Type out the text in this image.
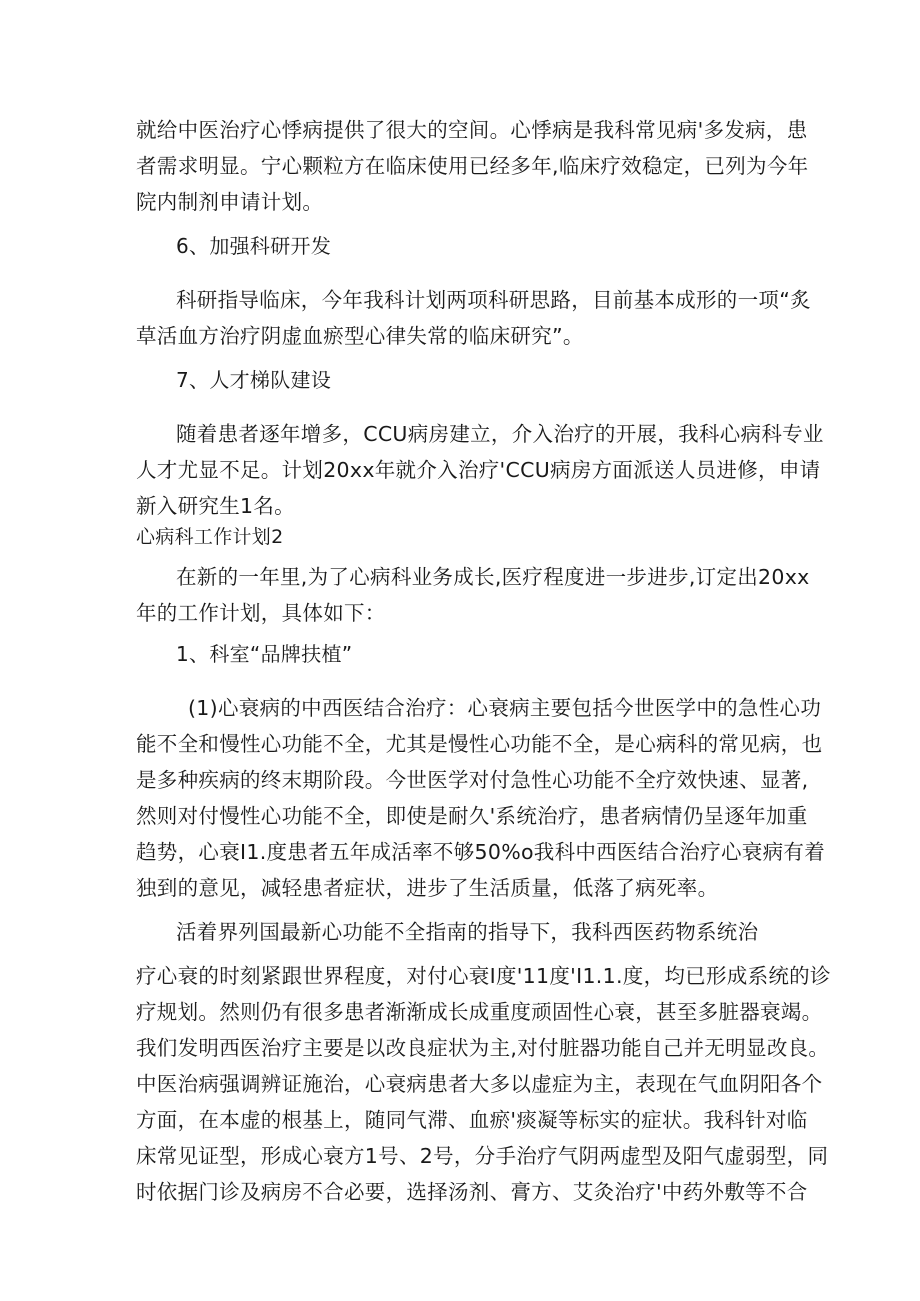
就给中医治疗心悸病提供了很大的空间。心悸病是我科常见病'多发病，患
者需求明显。宁心颗粒方在临床使用已经多年,临床疗效稳定，已列为今年
院内制剂申请计划。
6、加强科研开发
科研指导临床，今年我科计划两项科研思路，目前基本成形的一项“炙
草活血方治疗阴虚血瘀型心律失常的临床研究”。
7、人才梯队建设
随着患者逐年增多，CCU病房建立，介入治疗的开展，我科心病科专业
人才尤显不足。计划20xx年就介入治疗'CCU病房方面派送人员进修，申请
新入研究生1名。
心病科工作计划2
在新的一年里,为了心病科业务成长,医疗程度进一步进步,订定出20xx
年的工作计划，具体如下：
1、科室“品牌扶植”
(1)心衰病的中西医结合治疗：心衰病主要包括今世医学中的急性心功
能不全和慢性心功能不全，尤其是慢性心功能不全，是心病科的常见病，也
是多种疾病的终末期阶段。今世医学对付急性心功能不全疗效快速、显著,
然则对付慢性心功能不全，即使是耐久'系统治疗，患者病情仍呈逐年加重
趋势，心衰I1.度患者五年成活率不够50%o我科中西医结合治疗心衰病有着
独到的意见，减轻患者症状，进步了生活质量，低落了病死率。
活着界列国最新心功能不全指南的指导下，我科西医药物系统治
疗心衰的时刻紧跟世界程度，对付心衰I度'11度'I1.1.度，均已形成系统的诊
疗规划。然则仍有很多患者渐渐成长成重度顽固性心衰，甚至多脏器衰竭。
我们发明西医治疗主要是以改良症状为主,对付脏器功能自己并无明显改良。
中医治病强调辨证施治，心衰病患者大多以虚症为主，表现在气血阴阳各个
方面，在本虚的根基上，随同气滞、血瘀'痰凝等标实的症状。我科针对临
床常见证型，形成心衰方1号、2号，分手治疗气阴两虚型及阳气虚弱型，同
时依据门诊及病房不合必要，选择汤剂、膏方、艾灸治疗'中药外敷等不合
